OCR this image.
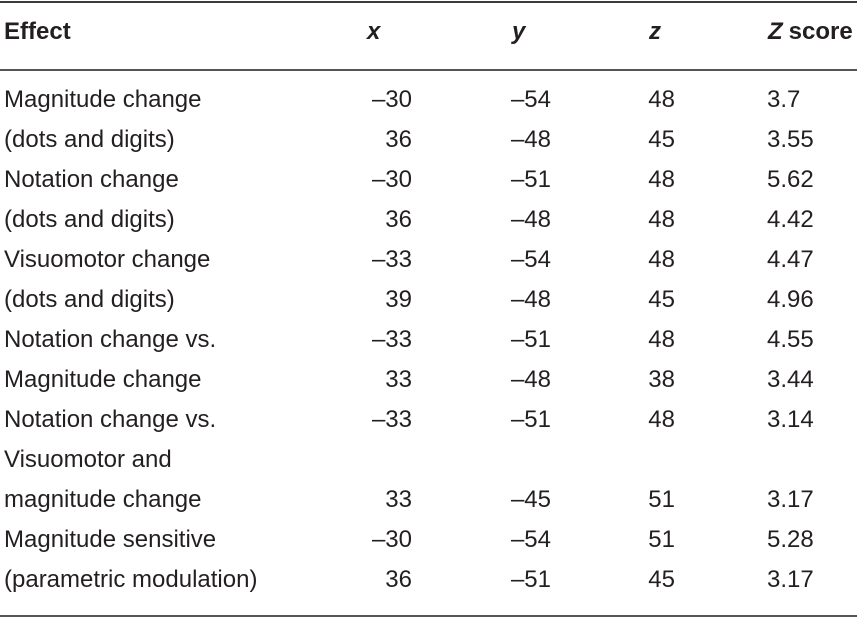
Effect	x	y	z	Z score
Magnitude change	–30	–54	48	3.7
(dots and digits)	36	–48	45	3.55
Notation change	–30	–51	48	5.62
(dots and digits)	36	–48	48	4.42
Visuomotor change	–33	–54	48	4.47
(dots and digits)	39	–48	45	4.96
Notation change vs.	–33	–51	48	4.55
Magnitude change	33	–48	38	3.44
Notation change vs.	–33	–51	48	3.14
Visuomotor and
magnitude change	33	–45	51	3.17
Magnitude sensitive	–30	–54	51	5.28
(parametric modulation)	36	–51	45	3.17
